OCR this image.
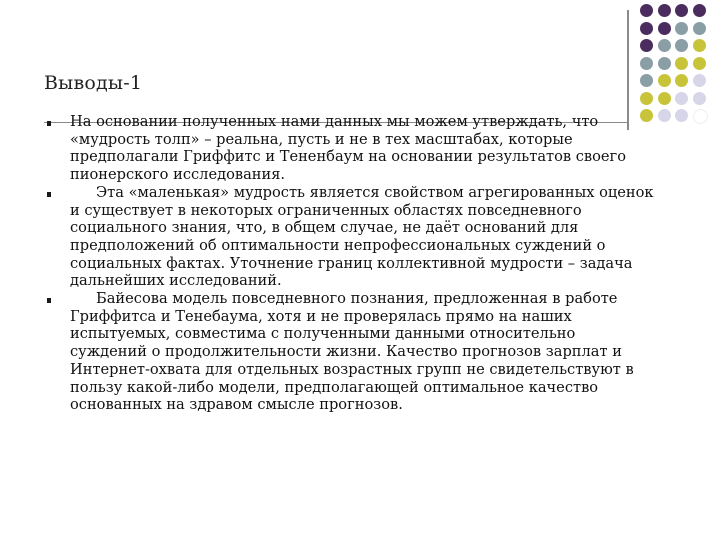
Выводы-1
На основании полученных нами данных мы можем утверждать, что
«мудрость толп» – реальна, пусть и не в тех масштабах, которые
предполагали Гриффитс и Тененбаум на основании результатов своего
пионерского исследования.
Эта «маленькая» мудрость является свойством агрегированных оценок
и существует в некоторых ограниченных областях повседневного
социального знания, что, в общем случае, не даёт оснований для
предположений об оптимальности непрофессиональных суждений о
социальных фактах. Уточнение границ коллективной мудрости – задача
дальнейших исследований.
Байесова модель повседневного познания, предложенная в работе
Гриффитса и Тенебаума, хотя и не проверялась прямо на наших
испытуемых, совместима с полученными данными относительно
суждений о продолжительности жизни. Качество прогнозов зарплат и
Интернет-охвата для отдельных возрастных групп не свидетельствуют в
пользу какой-либо модели, предполагающей оптимальное качество
основанных на здравом смысле прогнозов.
